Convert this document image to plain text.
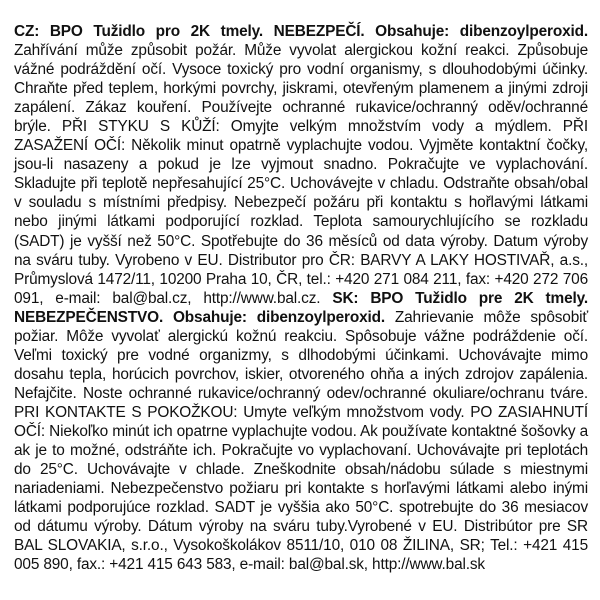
CZ: BPO Tužidlo pro 2K tmely. NEBEZPEČÍ. Obsahuje: dibenzoylperoxid. Zahřívání může způsobit požár. Může vyvolat alergickou kožní reakci. Způsobuje vážné podráždění očí. Vysoce toxický pro vodní organismy, s dlouhodobými účinky. Chraňte před teplem, horkými povrchy, jiskrami, otevřeným plamenem a jinými zdroji zapálení. Zákaz kouření. Používejte ochranné rukavice/ochranný oděv/ochranné brýle. PŘI STYKU S KŮŽÍ: Omyjte velkým množstvím vody a mýdlem. PŘI ZASAŽENÍ OČÍ: Několik minut opatrně vyplachujte vodou. Vyjměte kontaktní čočky, jsou-li nasazeny a pokud je lze vyjmout snadno. Pokračujte ve vyplachování. Skladujte při teplotě nepřesahující 25°C. Uchovávejte v chladu. Odstraňte obsah/obal v souladu s místními předpisy. Nebezpečí požáru při kontaktu s hořlavými látkami nebo jinými látkami podporující rozklad. Teplota samourychlujícího se rozkladu (SADT) je vyšší než 50°C. Spotřebujte do 36 měsíců od data výroby. Datum výroby na sváru tuby. Vyrobeno v EU. Distributor pro ČR: BARVY A LAKY HOSTIVAŘ, a.s., Průmyslová 1472/11, 10200 Praha 10, ČR, tel.: +420 271 084 211, fax: +420 272 706 091, e-mail: bal@bal.cz, http://www.bal.cz. SK: BPO Tužidlo pre 2K tmely. NEBEZPEČENSTVO. Obsahuje: dibenzoylperoxid. Zahrievanie môže spôsobiť požiar. Môže vyvolať alergickú kožnú reakciu. Spôsobuje vážne podráždenie očí. Veľmi toxický pre vodné organizmy, s dlhodobými účinkami. Uchovávajte mimo dosahu tepla, horúcich povrchov, iskier, otvoreného ohňa a iných zdrojov zapálenia. Nefajčite. Noste ochranné rukavice/ochranný odev/ochranné okuliare/ochranu tváre. PRI KONTAKTE S POKOŽKOU: Umyte veľkým množstvom vody. PO ZASIAHNUTÍ OČÍ: Niekoľko minút ich opatrne vyplachujte vodou. Ak používate kontaktné šošovky a ak je to možné, odstráňte ich. Pokračujte vo vyplachovaní. Uchovávajte pri teplotách do 25°C. Uchovávajte v chlade. Zneškodnite obsah/nádobu súlade s miestnymi nariadeniami. Nebezpečenstvo požiaru pri kontakte s horľavými látkami alebo inými látkami podporujúce rozklad. SADT je vyššia ako 50°C. spotrebujte do 36 mesiacov od dátumu výroby. Dátum výroby na sváru tuby.Vyrobené v EU. Distribútor pre SR BAL SLOVAKIA, s.r.o., Vysokoškolákov 8511/10, 010 08 ŽILINA, SR; Tel.: +421 415 005 890, fax.: +421 415 643 583, e-mail: bal@bal.sk, http://www.bal.sk
